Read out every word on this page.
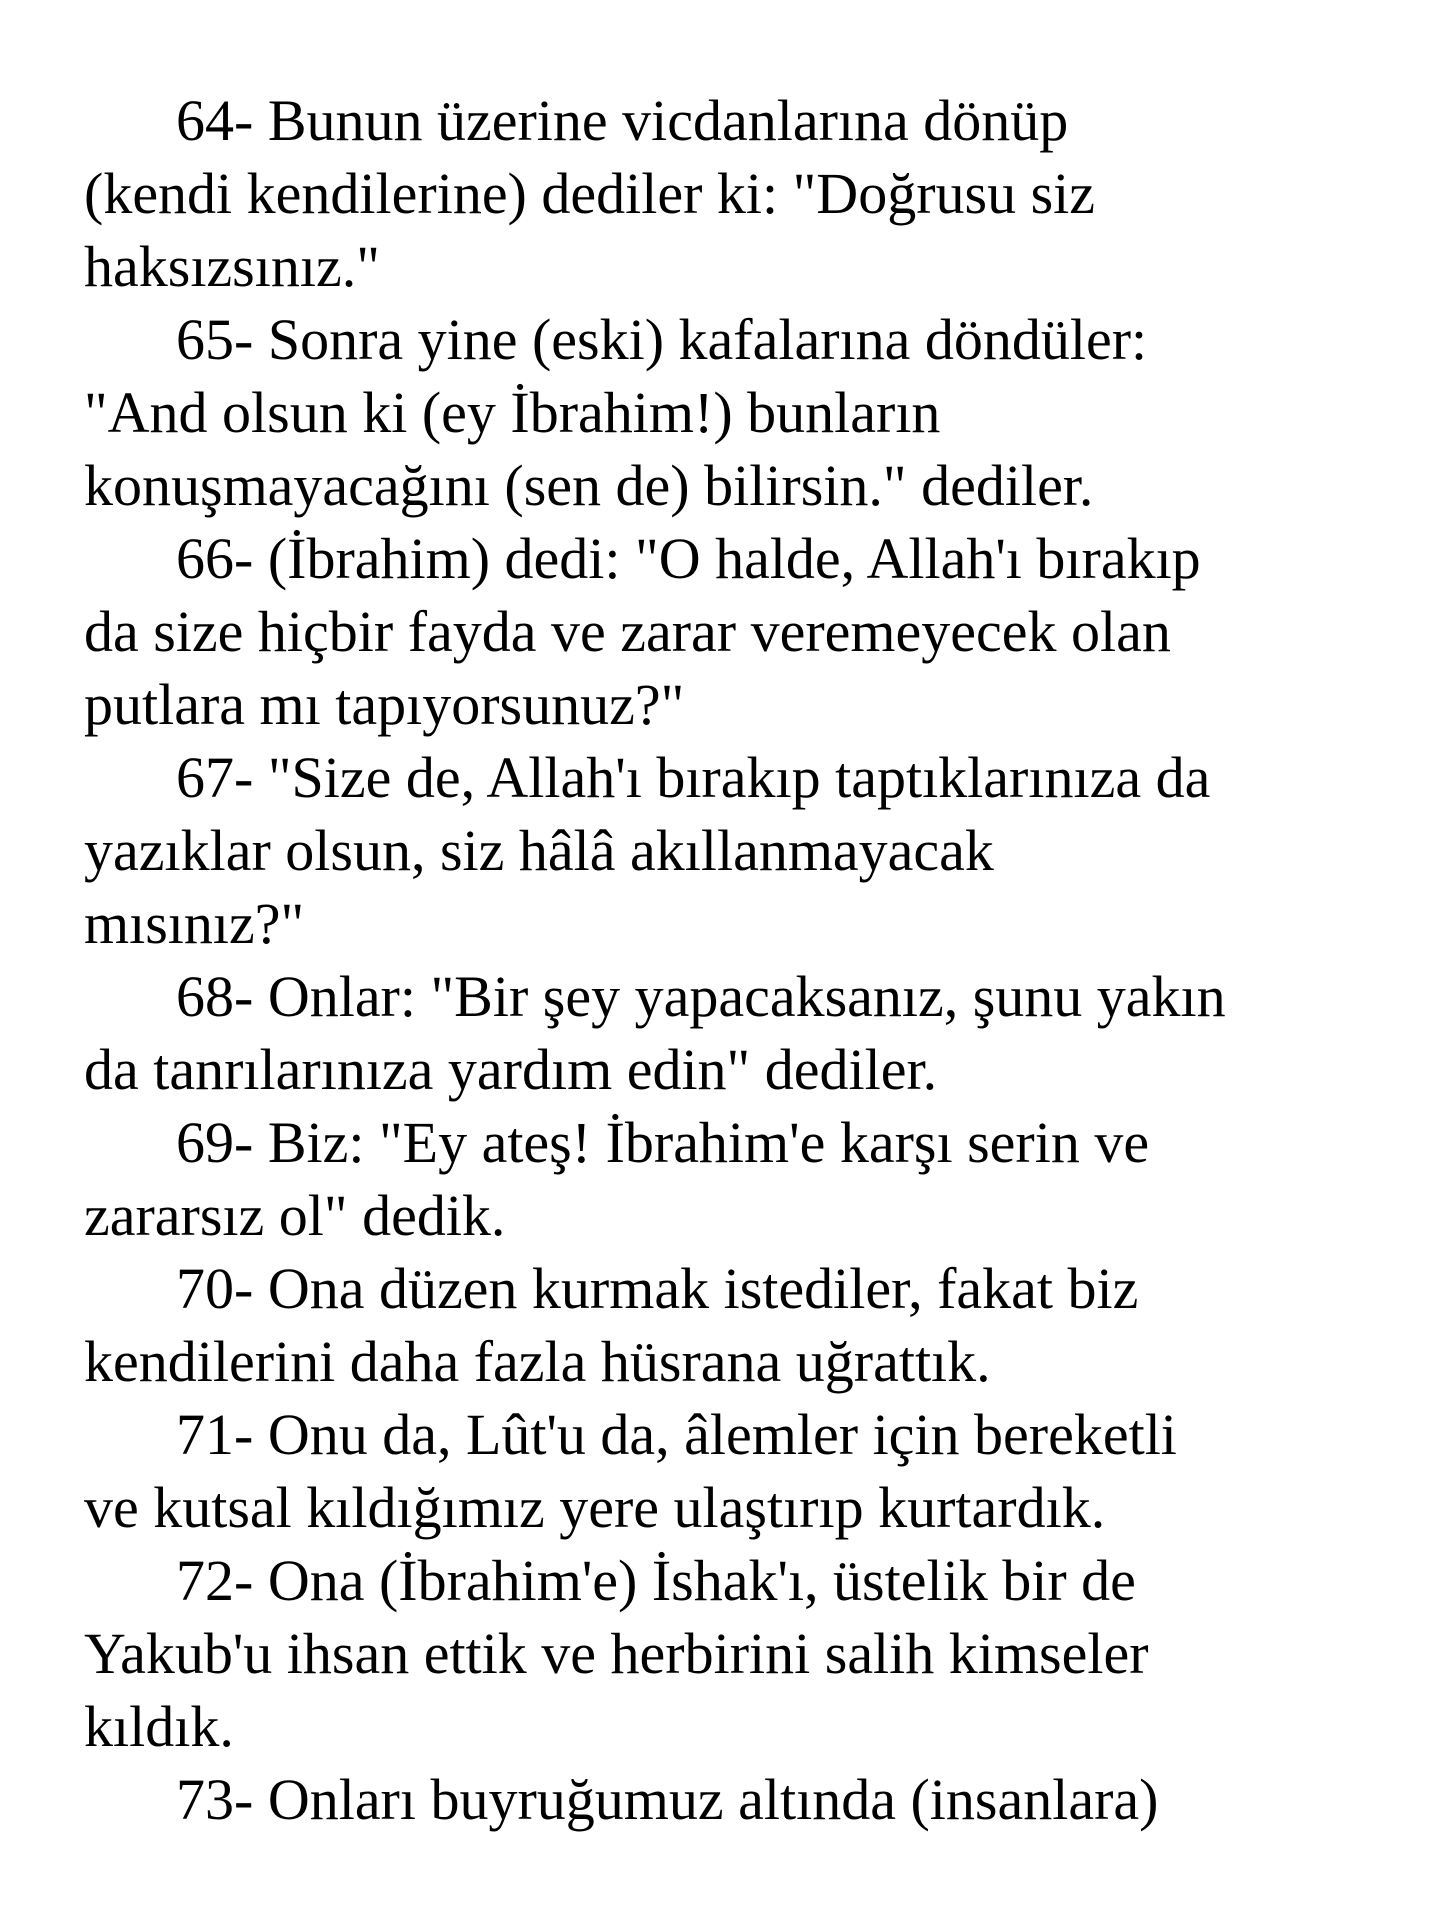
64- Bunun üzerine vicdanlarına dönüp
(kendi kendilerine) dediler ki: "Doğrusu siz
haksızsınız."

65- Sonra yine (eski) kafalarına döndüler:
"And olsun ki (ey İbrahim!) bunların
konuşmayacağını (sen de) bilirsin." dediler.

66- (İbrahim) dedi: "O halde, Allah'ı bırakıp
da size hiçbir fayda ve zarar veremeyecek olan
putlara mı tapıyorsunuz?"

67- "Size de, Allah'ı bırakıp taptıklarınıza da
yazıklar olsun, siz hâlâ akıllanmayacak
mısınız?"

68- Onlar: "Bir şey yapacaksanız, şunu yakın
da tanrılarınıza yardım edin" dediler.

69- Biz: "Ey ateş! İbrahim'e karşı serin ve
zararsız ol" dedik.

70- Ona düzen kurmak istediler, fakat biz
kendilerini daha fazla hüsrana uğrattık.

71- Onu da, Lût'u da, âlemler için bereketli
ve kutsal kıldığımız yere ulaştırıp kurtardık.

72- Ona (İbrahim'e) İshak'ı, üstelik bir de
Yakub'u ihsan ettik ve herbirini salih kimseler
kıldık.

73- Onları buyruğumuz altında (insanlara)
